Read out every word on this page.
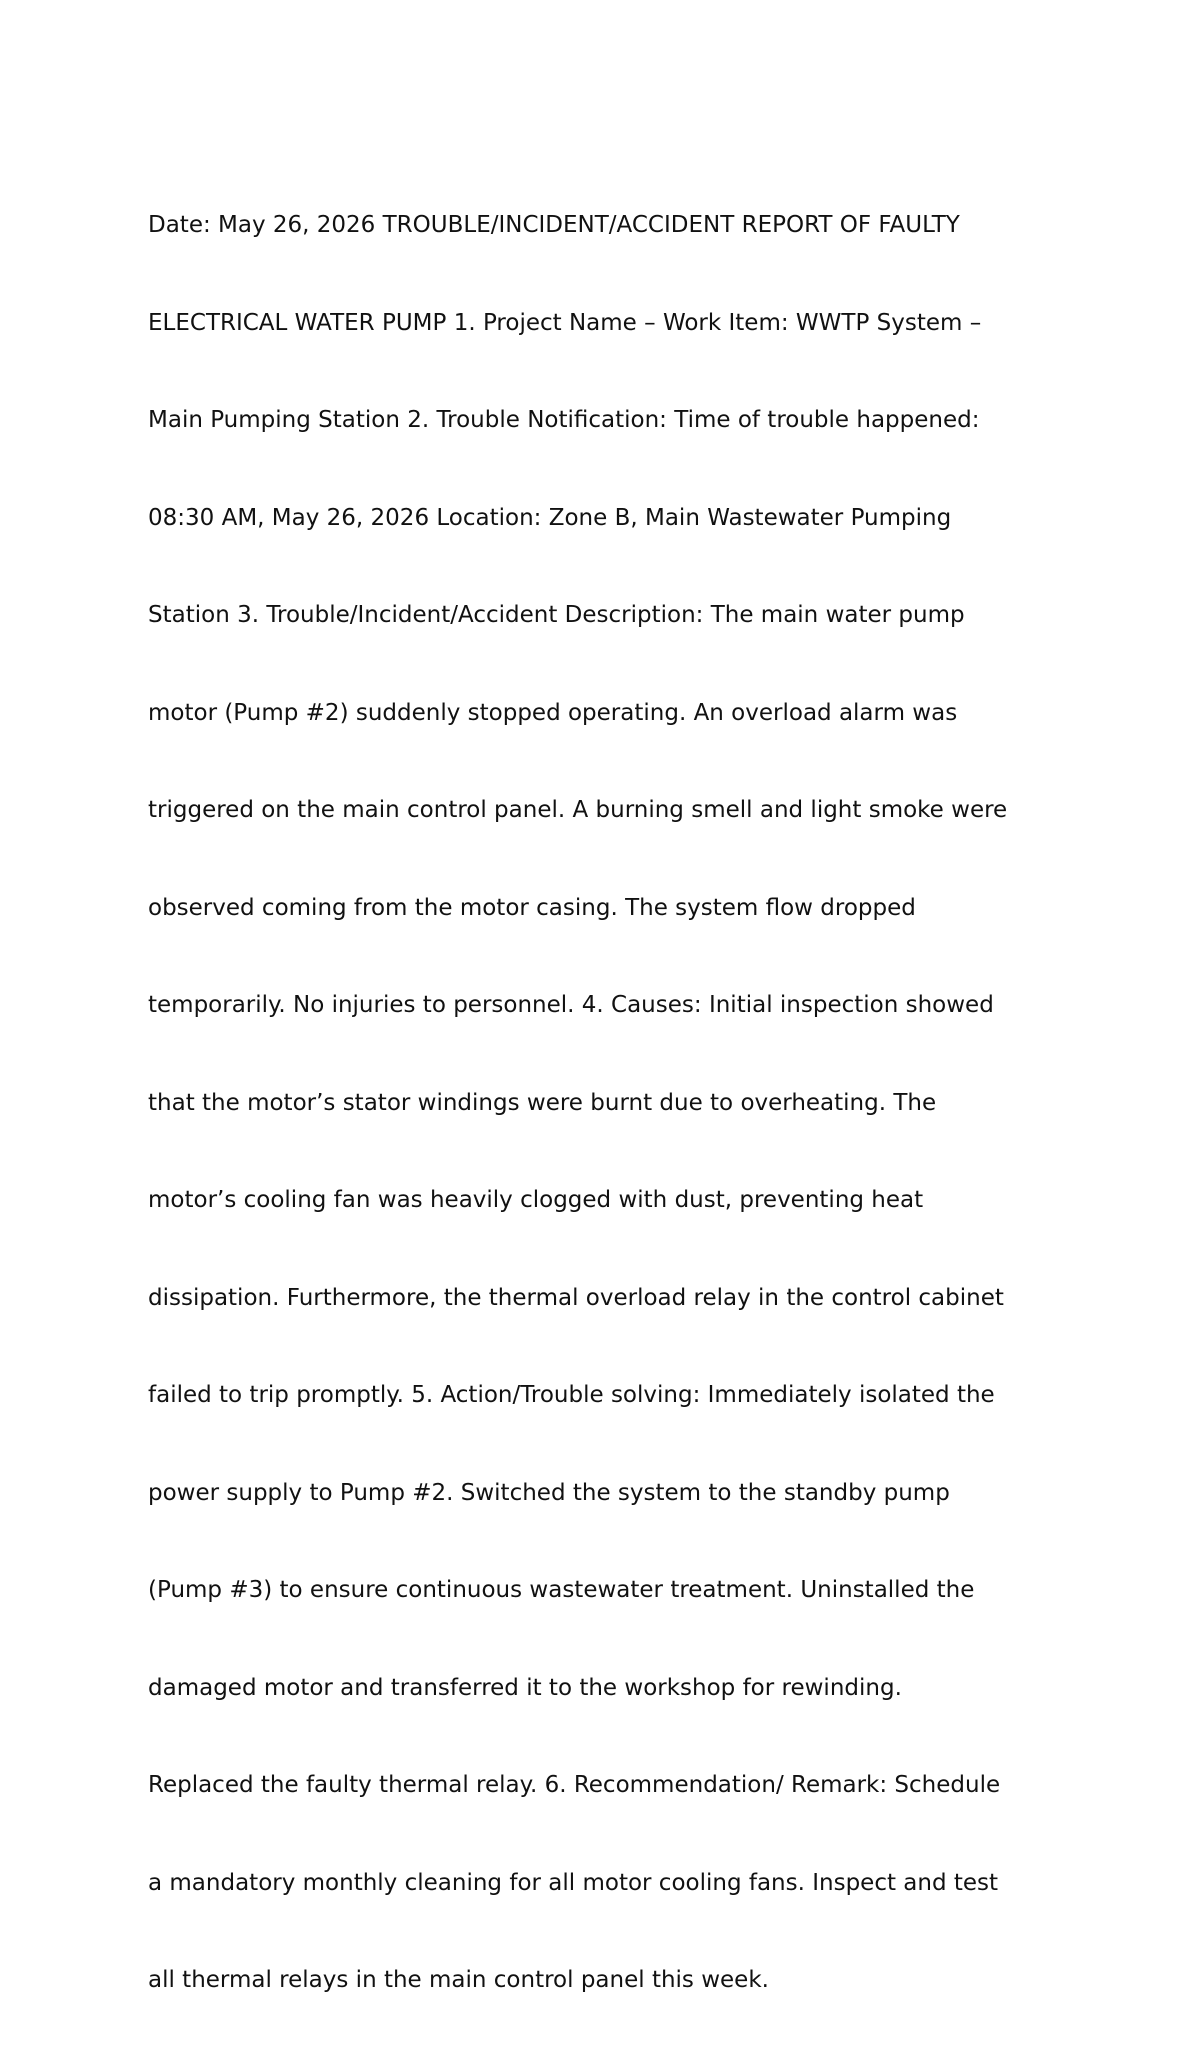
Date: May 26, 2026 TROUBLE/INCIDENT/ACCIDENT REPORT OF FAULTY

ELECTRICAL WATER PUMP 1. Project Name – Work Item: WWTP System –

Main Pumping Station 2. Trouble Notification: Time of trouble happened:

08:30 AM, May 26, 2026 Location: Zone B, Main Wastewater Pumping

Station 3. Trouble/Incident/Accident Description: The main water pump

motor (Pump #2) suddenly stopped operating. An overload alarm was

triggered on the main control panel. A burning smell and light smoke were

observed coming from the motor casing. The system flow dropped

temporarily. No injuries to personnel. 4. Causes: Initial inspection showed

that the motor’s stator windings were burnt due to overheating. The

motor’s cooling fan was heavily clogged with dust, preventing heat

dissipation. Furthermore, the thermal overload relay in the control cabinet

failed to trip promptly. 5. Action/Trouble solving: Immediately isolated the

power supply to Pump #2. Switched the system to the standby pump

(Pump #3) to ensure continuous wastewater treatment. Uninstalled the

damaged motor and transferred it to the workshop for rewinding.

Replaced the faulty thermal relay. 6. Recommendation/ Remark: Schedule

a mandatory monthly cleaning for all motor cooling fans. Inspect and test

all thermal relays in the main control panel this week.
